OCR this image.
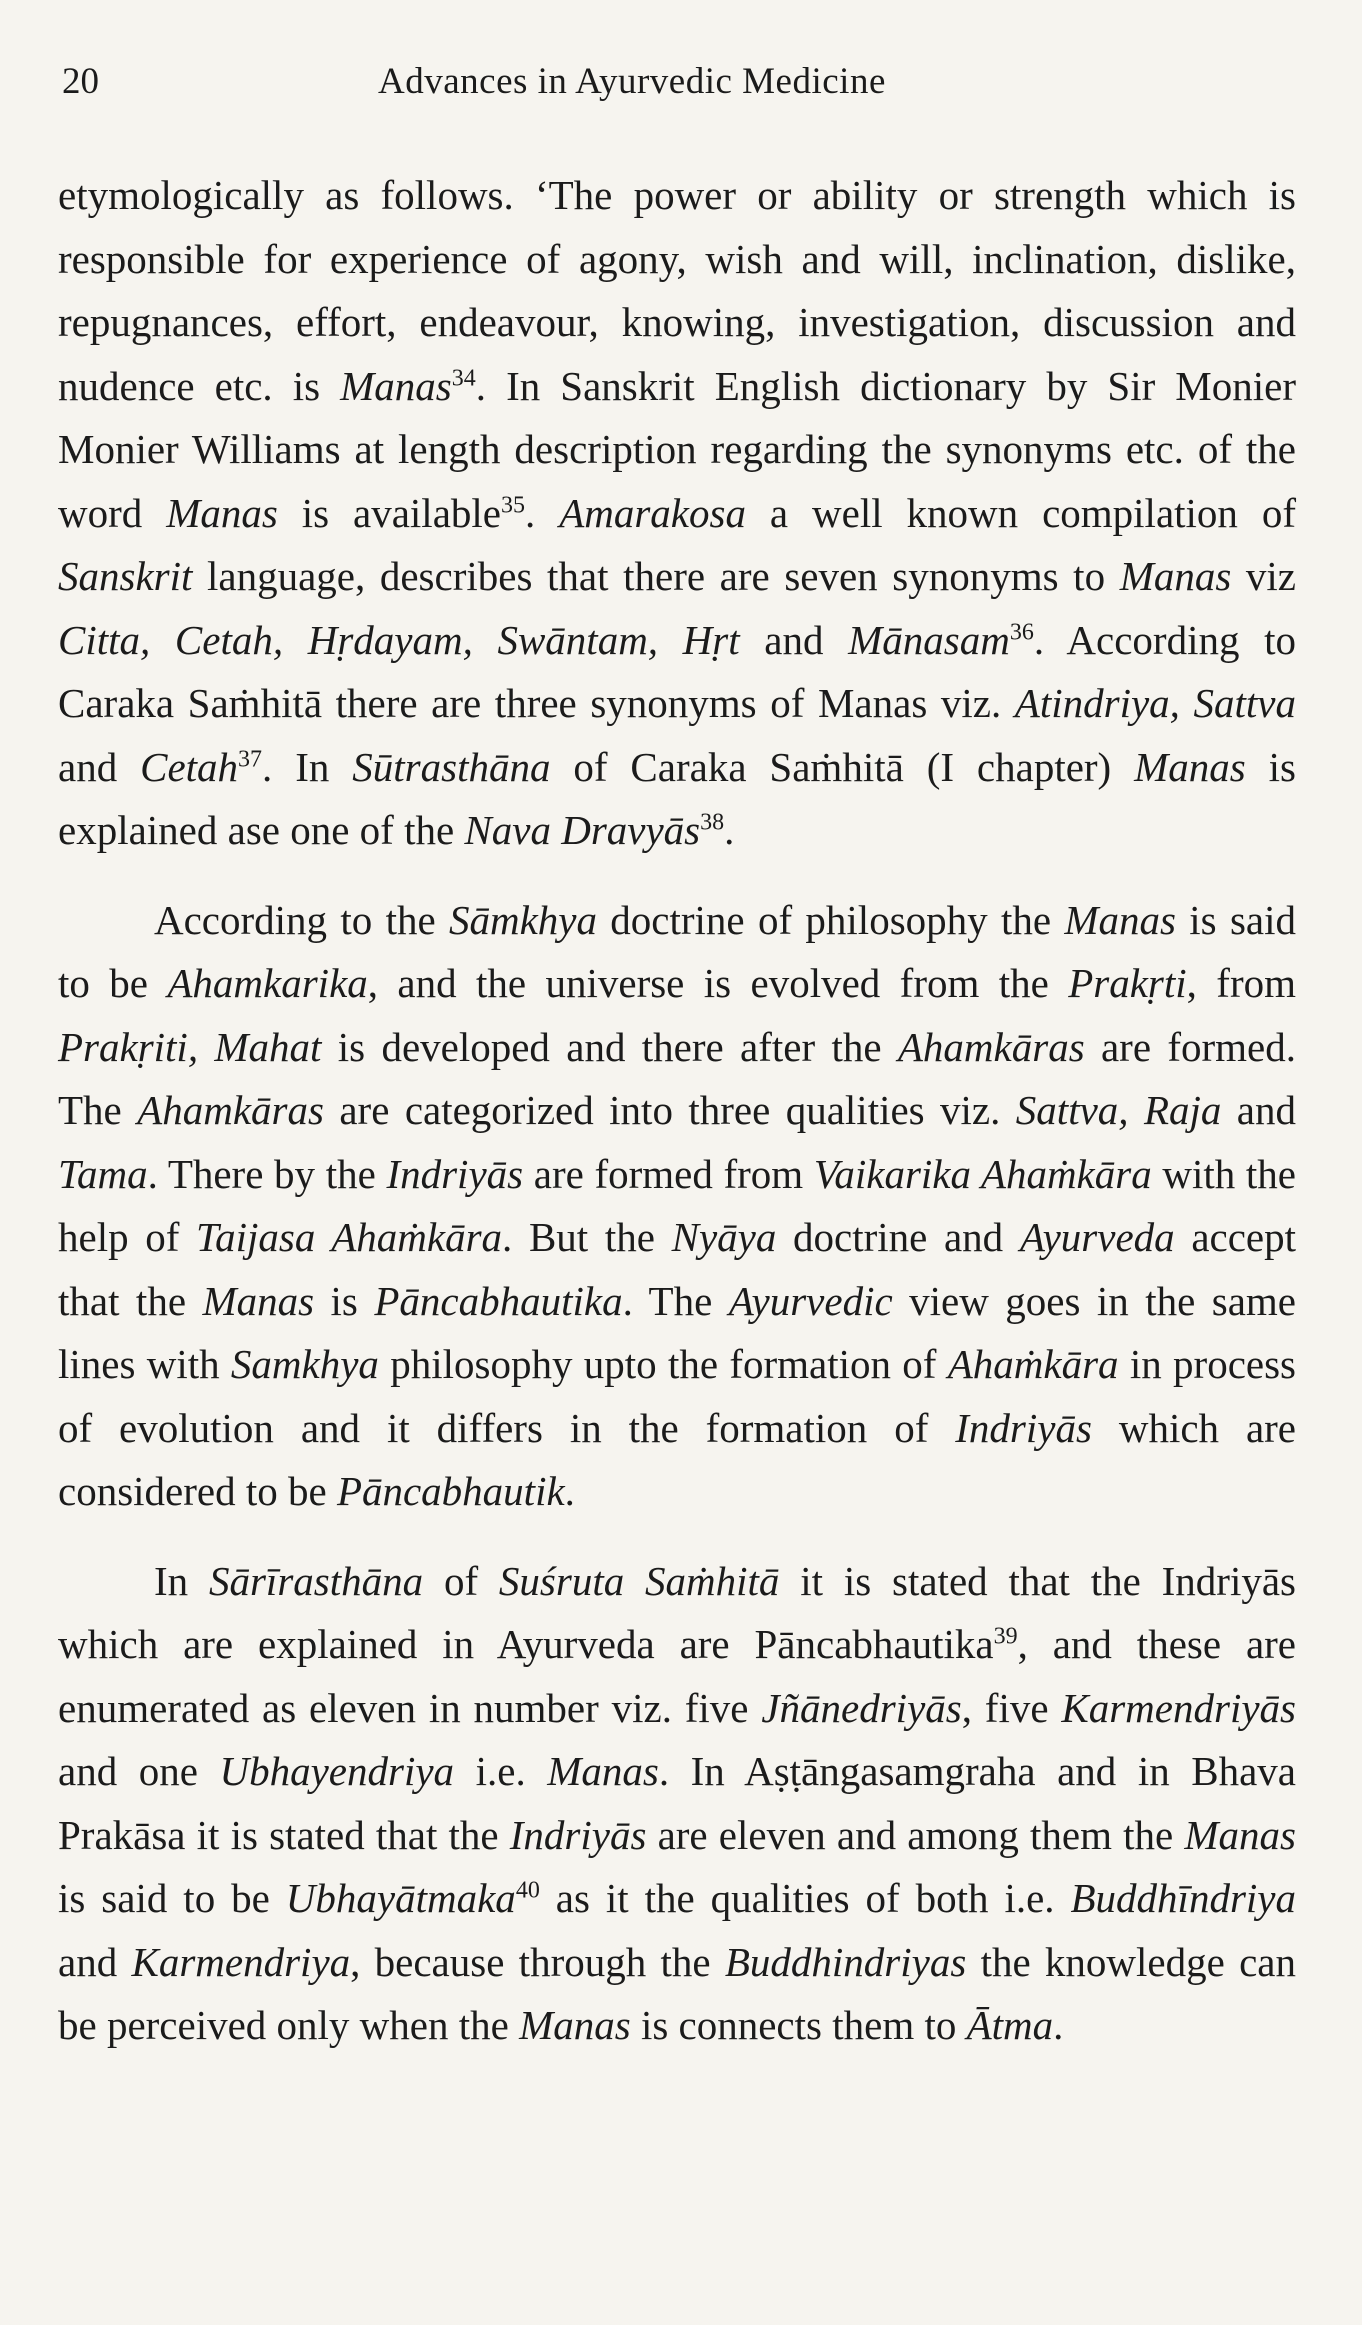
20	Advances in Ayurvedic Medicine

etymologically as follows. ‘The power or ability or strength which is responsible for experience of agony, wish and will, inclination, dislike, repugnances, effort, endeavour, knowing, investigation, discussion and nudence etc. is Manas$^{34}$. In Sanskrit English dictionary by Sir Monier Monier Williams at length description regarding the synonyms etc. of the word Manas is available$^{35}$. Amarakosa a well known compilation of Sanskrit language, describes that there are seven synonyms to Manas viz Citta, Cetah, Hṛdayam, Swāntam, Hṛt and Mānasam$^{36}$. According to Caraka Saṁhitā there are three synonyms of Manas viz. Atindriya, Sattva and Cetah$^{37}$. In Sūtrasthāna of Caraka Saṁhitā (I chapter) Manas is explained ase one of the Nava Dravyās$^{38}$.

According to the Sāmkhya doctrine of philosophy the Manas is said to be Ahamkarika, and the universe is evolved from the Prakṛti, from Prakṛiti, Mahat is developed and there after the Ahamkāras are formed. The Ahamkāras are categorized into three qualities viz. Sattva, Raja and Tama. There by the Indriyās are formed from Vaikarika Ahaṁkāra with the help of Taijasa Ahaṁkāra. But the Nyāya doctrine and Ayurveda accept that the Manas is Pāncabhautika. The Ayurvedic view goes in the same lines with Samkhya philosophy upto the formation of Ahaṁkāra in process of evolution and it differs in the formation of Indriyās which are considered to be Pāncabhautik.

In Sārīrasthāna of Suśruta Saṁhitā it is stated that the Indriyās which are explained in Ayurveda are Pāncabhautika$^{39}$, and these are enumerated as eleven in number viz. five Jñānedriyās, five Karmendriyās and one Ubhayendriya i.e. Manas. In Aṣṭāngasamgraha and in Bhava Prakāsa it is stated that the Indriyās are eleven and among them the Manas is said to be Ubhayātmaka$^{40}$ as it the qualities of both i.e. Buddhīndriya and Karmendriya, because through the Buddhindriyas the knowledge can be perceived only when the Manas is connects them to Ātma.
